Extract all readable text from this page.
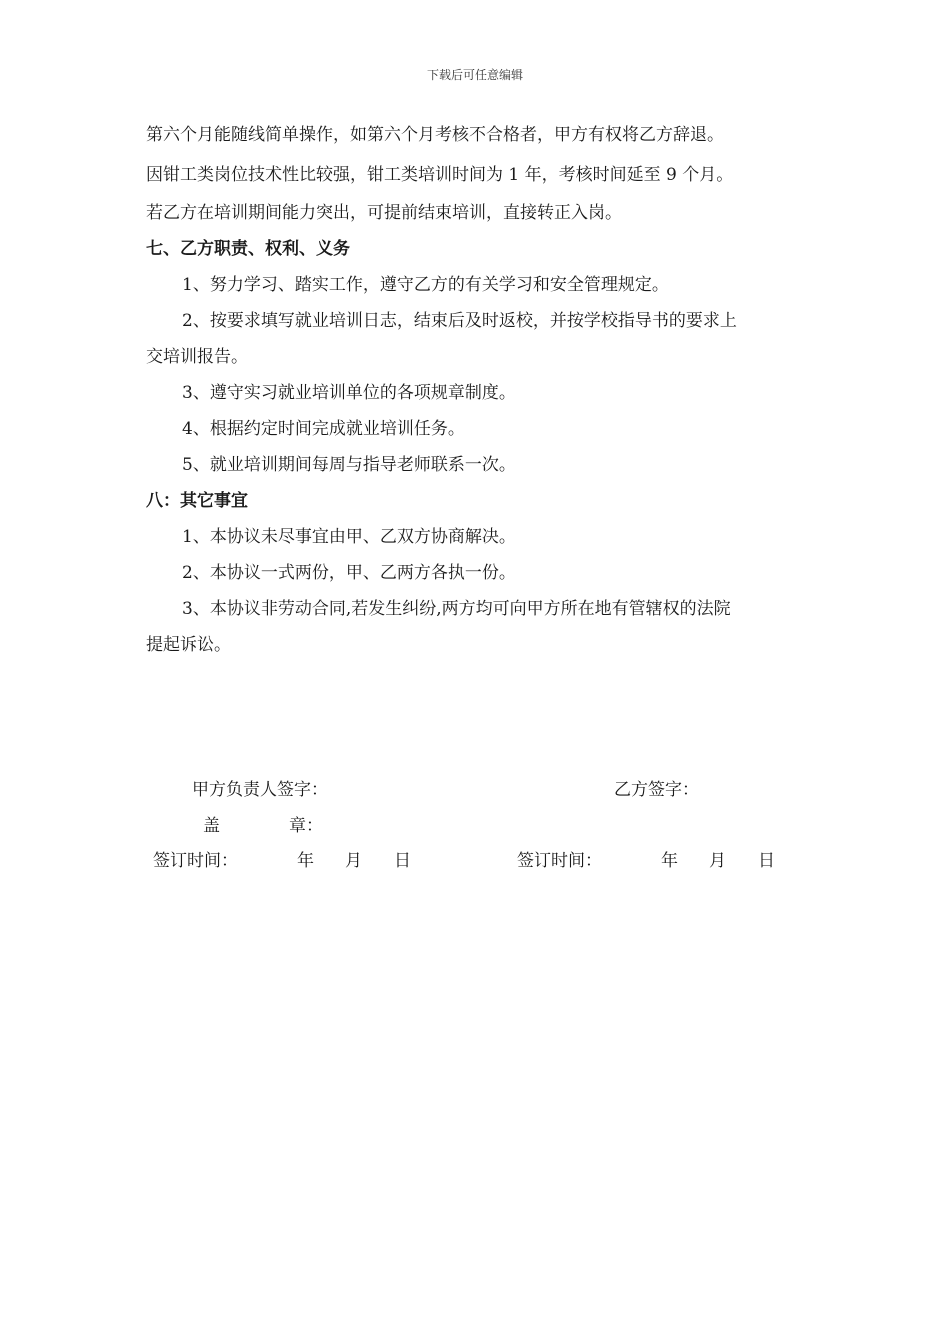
下载后可任意编辑
第六个月能随线简单操作，如第六个月考核不合格者，甲方有权将乙方辞退。
因钳工类岗位技术性比较强，钳工类培训时间为 1 年，考核时间延至 9 个月。
若乙方在培训期间能力突出，可提前结束培训，直接转正入岗。
七、乙方职责、权利、义务
1、努力学习、踏实工作，遵守乙方的有关学习和安全管理规定。
2、按要求填写就业培训日志，结束后及时返校，并按学校指导书的要求上
交培训报告。
3、遵守实习就业培训单位的各项规章制度。
4、根据约定时间完成就业培训任务。
5、就业培训期间每周与指导老师联系一次。
八：其它事宜
1、本协议未尽事宜由甲、乙双方协商解决。
2、本协议一式两份，甲、乙两方各执一份。
3、本协议非劳动合同,若发生纠纷,两方均可向甲方所在地有管辖权的法院
提起诉讼。
甲方负责人签字：	乙方签字：
盖	章：
签订时间：	年 月 日	签订时间：	年 月 日
